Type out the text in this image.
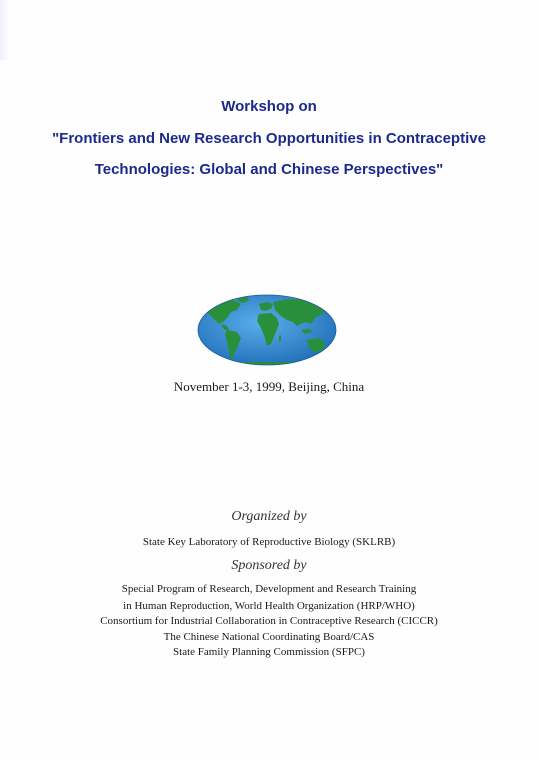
Workshop on
"Frontiers and New Research Opportunities in Contraceptive
Technologies: Global and Chinese Perspectives"
November 1-3, 1999, Beijing, China
Organized by
State Key Laboratory of Reproductive Biology (SKLRB)
Sponsored by
Special Program of Research, Development and Research Training
in Human Reproduction, World Health Organization (HRP/WHO)
Consortium for Industrial Collaboration in Contraceptive Research (CICCR)
The Chinese National Coordinating Board/CAS
State Family Planning Commission (SFPC)
